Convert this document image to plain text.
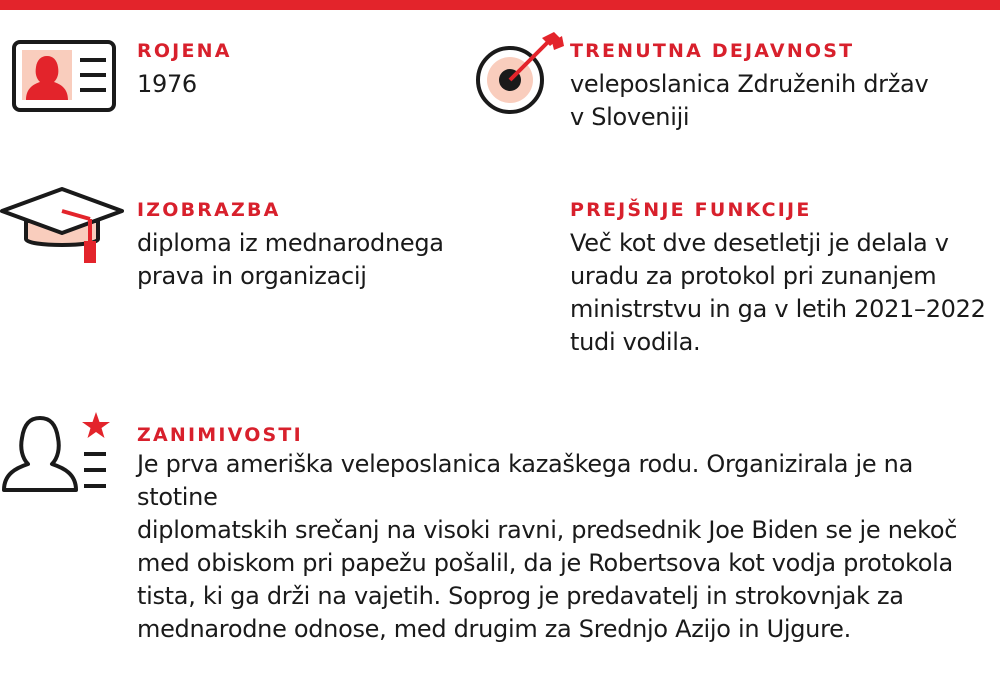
ROJENA
1976
TRENUTNA DEJAVNOST
veleposlanica Združenih držav
v Sloveniji
IZOBRAZBA
diploma iz mednarodnega
prava in organizacij
PREJŠNJE FUNKCIJE
Več kot dve desetletji je delala v
uradu za protokol pri zunanjem
ministrstvu in ga v letih 2021–2022
tudi vodila.
ZANIMIVOSTI
Je prva ameriška veleposlanica kazaškega rodu. Organizirala je na stotine
diplomatskih srečanj na visoki ravni, predsednik Joe Biden se je nekoč
med obiskom pri papežu pošalil, da je Robertsova kot vodja protokola
tista, ki ga drži na vajetih. Soprog je predavatelj in strokovnjak za
mednarodne odnose, med drugim za Srednjo Azijo in Ujgure.
